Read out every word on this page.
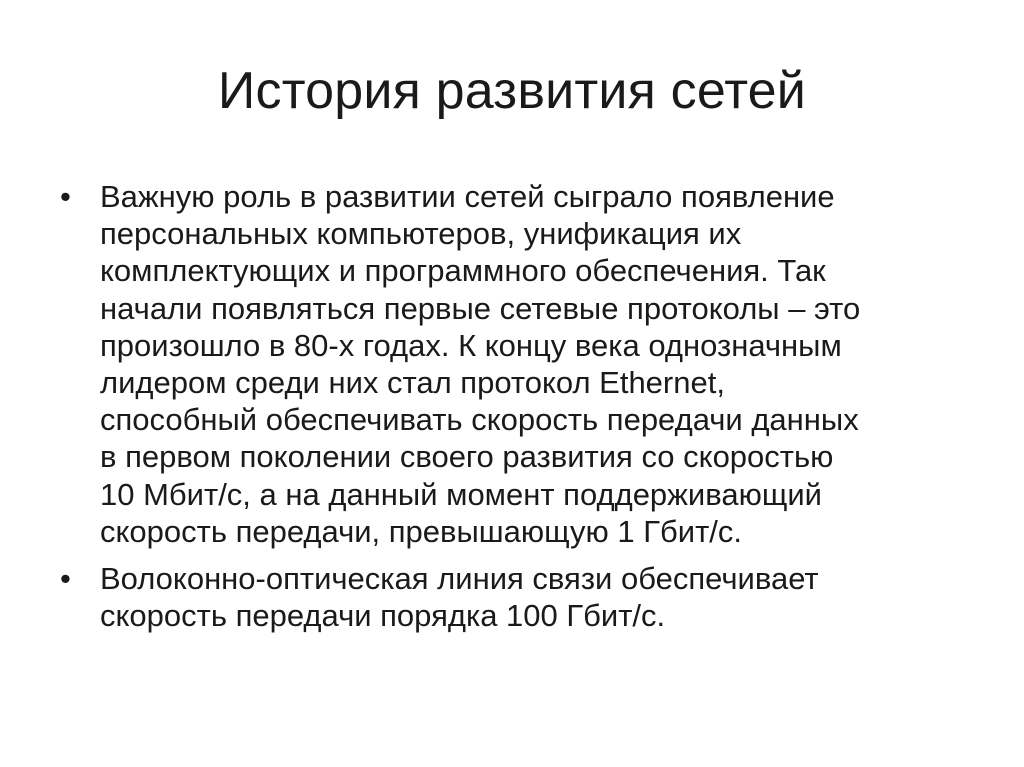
История развития сетей
• Важную роль в развитии сетей сыграло появление
персональных компьютеров, унификация их
комплектующих и программного обеспечения. Так
начали появляться первые сетевые протоколы – это
произошло в 80-х годах. К концу века однозначным
лидером среди них стал протокол Ethernet,
способный обеспечивать скорость передачи данных
в первом поколении своего развития со скоростью
10 Мбит/с, а на данный момент поддерживающий
скорость передачи, превышающую 1 Гбит/с.
• Волоконно-оптическая линия связи обеспечивает
скорость передачи порядка 100 Гбит/с.
